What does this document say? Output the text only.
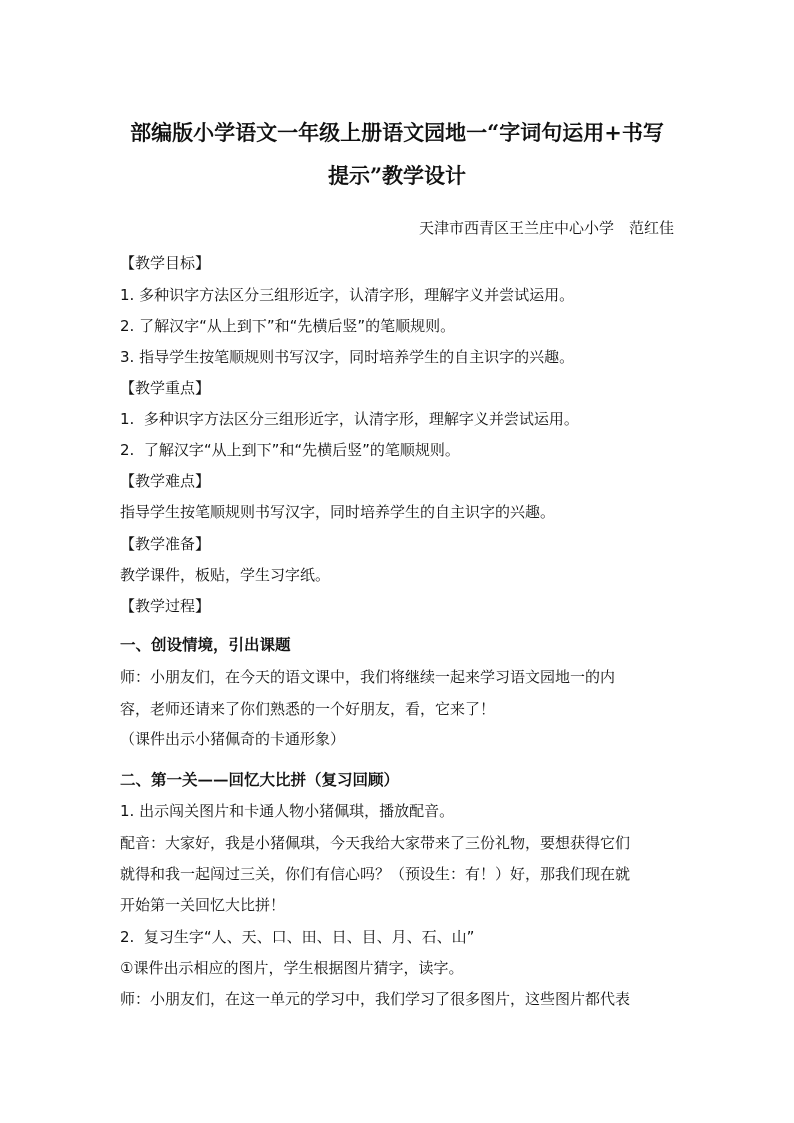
部编版小学语文一年级上册语文园地一“字词句运用+书写
提示”教学设计
天津市西青区王兰庄中心小学　范红佳
【教学目标】
1. 多种识字方法区分三组形近字，认清字形，理解字义并尝试运用。
2. 了解汉字“从上到下”和“先横后竖”的笔顺规则。
3. 指导学生按笔顺规则书写汉字，同时培养学生的自主识字的兴趣。
【教学重点】
1.  多种识字方法区分三组形近字，认清字形，理解字义并尝试运用。
2.  了解汉字“从上到下”和“先横后竖”的笔顺规则。
【教学难点】
指导学生按笔顺规则书写汉字，同时培养学生的自主识字的兴趣。
【教学准备】
教学课件，板贴，学生习字纸。
【教学过程】
一、创设情境，引出课题
师：小朋友们，在今天的语文课中，我们将继续一起来学习语文园地一的内
容，老师还请来了你们熟悉的一个好朋友，看，它来了！
（课件出示小猪佩奇的卡通形象）
二、第一关——回忆大比拼（复习回顾）
1. 出示闯关图片和卡通人物小猪佩琪，播放配音。
配音：大家好，我是小猪佩琪，今天我给大家带来了三份礼物，要想获得它们
就得和我一起闯过三关，你们有信心吗？（预设生：有！）好，那我们现在就
开始第一关回忆大比拼！
2.  复习生字“人、天、口、田、日、目、月、石、山”
①课件出示相应的图片，学生根据图片猜字，读字。
师：小朋友们，在这一单元的学习中，我们学习了很多图片，这些图片都代表
